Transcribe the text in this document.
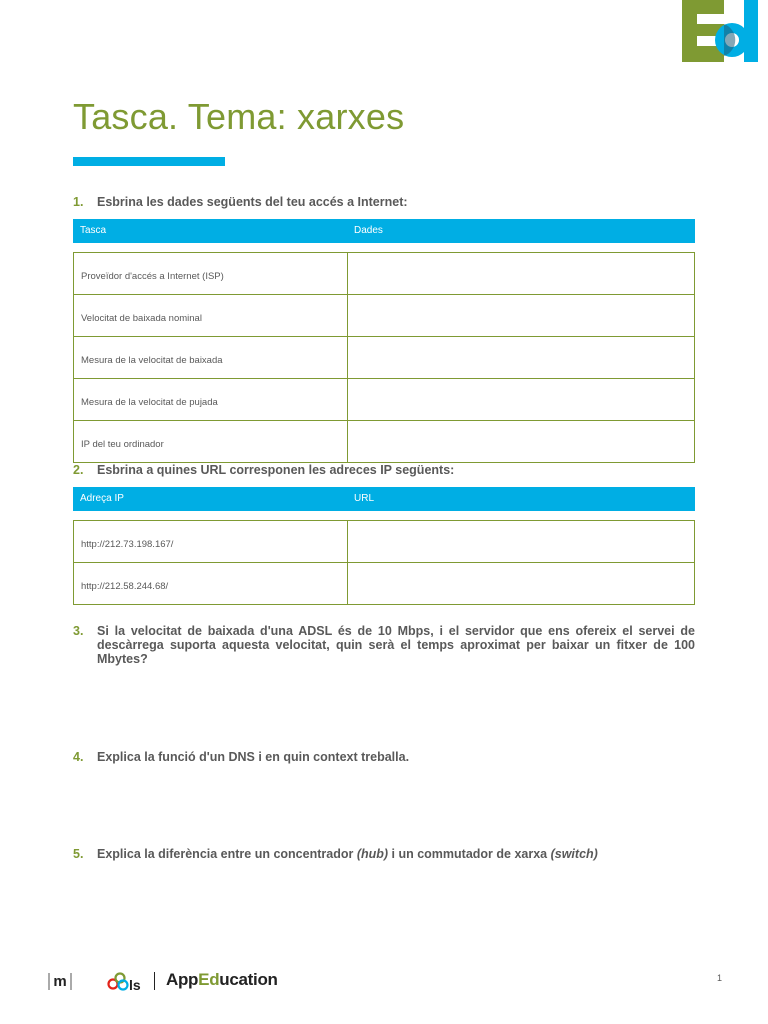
Tasca. Tema: xarxes
1. Esbrina les dades següents del teu accés a Internet:
Tasca	Dades
Proveïdor d'accés a Internet (ISP)	
Velocitat de baixada nominal	
Mesura de la velocitat de baixada	
Mesura de la velocitat de pujada	
IP del teu ordinador	
2. Esbrina a quines URL corresponen les adreces IP següents:
Adreça IP	URL
http://212.73.198.167/	
http://212.58.244.68/	
3. Si la velocitat de baixada d'una ADSL és de 10 Mbps, i el servidor que ens ofereix el servei de descàrrega suporta aquesta velocitat, quin serà el temps aproximat per baixar un fitxer de 100 Mbytes?
4. Explica la funció d'un DNS i en quin context treballa.
5. Explica la diferència entre un concentrador (hub) i un commutador de xarxa (switch)
m	ls AppEducation	1
